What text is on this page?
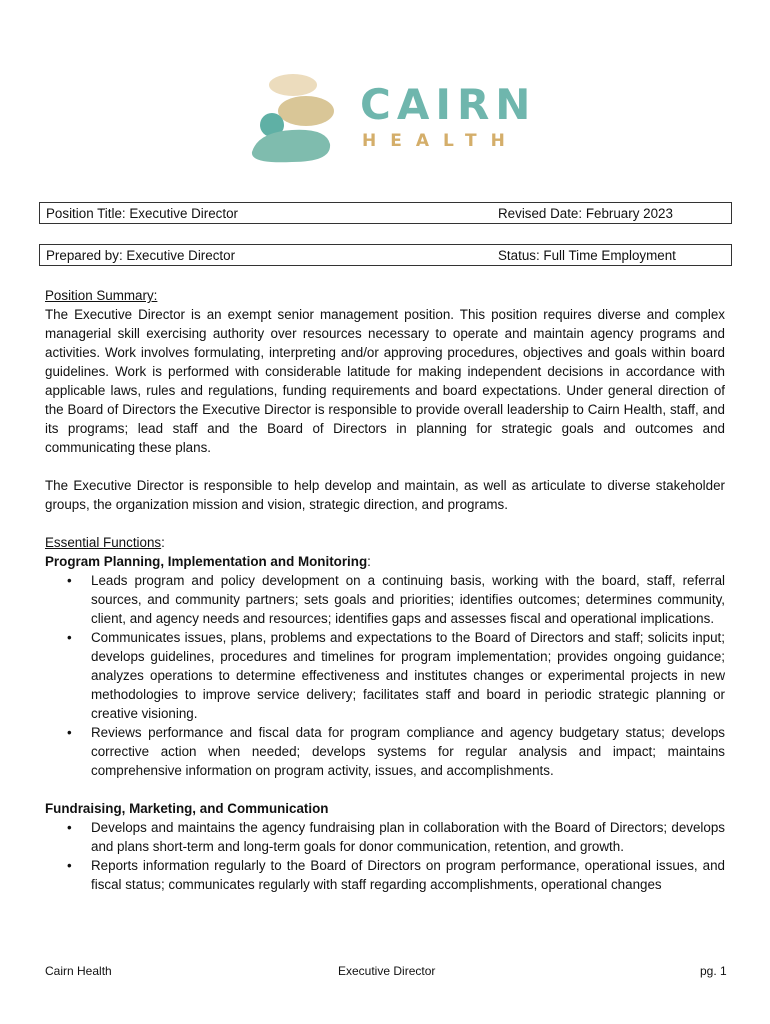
CAIRN
HEALTH
Position Title: Executive Director	Revised Date: February 2023
Prepared by: Executive Director	Status: Full Time Employment
Position Summary:

The Executive Director is an exempt senior management position. This position requires diverse and complex managerial skill exercising authority over resources necessary to operate and maintain agency programs and activities. Work involves formulating, interpreting and/or approving procedures, objectives and goals within board guidelines. Work is performed with considerable latitude for making independent decisions in accordance with applicable laws, rules and regulations, funding requirements and board expectations. Under general direction of the Board of Directors the Executive Director is responsible to provide overall leadership to Cairn Health, staff, and its programs; lead staff and the Board of Directors in planning for strategic goals and outcomes and communicating these plans.

The Executive Director is responsible to help develop and maintain, as well as articulate to diverse stakeholder groups, the organization mission and vision, strategic direction, and programs.

Essential Functions:
Program Planning, Implementation and Monitoring:
• Leads program and policy development on a continuing basis, working with the board, staff, referral sources, and community partners; sets goals and priorities; identifies outcomes; determines community, client, and agency needs and resources; identifies gaps and assesses fiscal and operational implications.
• Communicates issues, plans, problems and expectations to the Board of Directors and staff; solicits input; develops guidelines, procedures and timelines for program implementation; provides ongoing guidance; analyzes operations to determine effectiveness and institutes changes or experimental projects in new methodologies to improve service delivery; facilitates staff and board in periodic strategic planning or creative visioning.
• Reviews performance and fiscal data for program compliance and agency budgetary status; develops corrective action when needed; develops systems for regular analysis and impact; maintains comprehensive information on program activity, issues, and accomplishments.
Fundraising, Marketing, and Communication
• Develops and maintains the agency fundraising plan in collaboration with the Board of Directors; develops and plans short-term and long-term goals for donor communication, retention, and growth.
• Reports information regularly to the Board of Directors on program performance, operational issues, and fiscal status; communicates regularly with staff regarding accomplishments, operational changes
Cairn Health	Executive Director	pg. 1
